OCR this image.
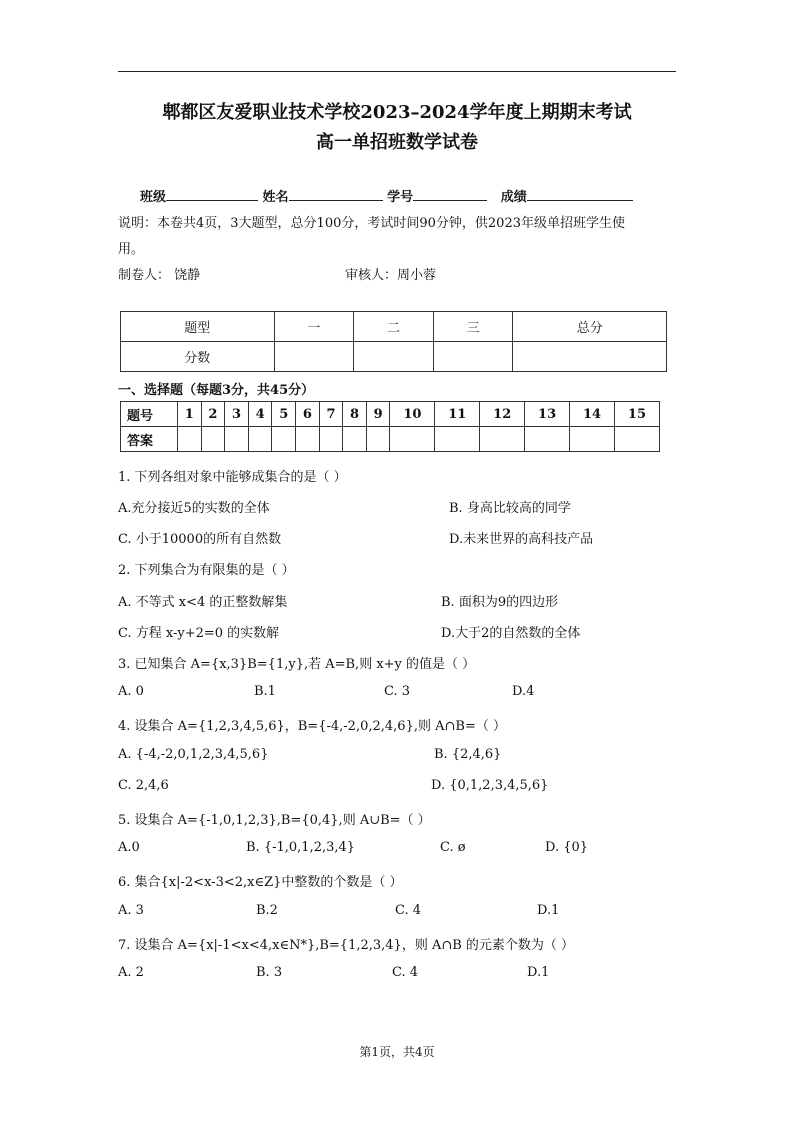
郫都区友爱职业技术学校2023–2024学年度上期期末考试
高一单招班数学试卷
班级	姓名	学号	成绩
说明：本卷共4页，3大题型，总分100分，考试时间90分钟，供2023年级单招班学生使
用。
制卷人： 饶静	审核人：周小蓉
题型	一	二	三	总分
分数				
一、选择题（每题3分，共45分）
题号	1	2	3	4	5	6	7	8	9	10	11	12	13	14	15
答案															
1. 下列各组对象中能够成集合的是（ ）
A.充分接近5的实数的全体	B. 身高比较高的同学
C. 小于10000的所有自然数	D.未来世界的高科技产品
2. 下列集合为有限集的是（ ）
A. 不等式 x<4 的正整数解集	B. 面积为9的四边形
C. 方程 x-y+2=0 的实数解	D.大于2的自然数的全体
3. 已知集合 A={x,3}B={1,y},若 A=B,则 x+y 的值是（ ）
A. 0	B.1	C. 3	D.4
4. 设集合 A={1,2,3,4,5,6}，B={-4,-2,0,2,4,6},则 A∩B=（ ）
A. {-4,-2,0,1,2,3,4,5,6}	B. {2,4,6}
C. 2,4,6	D. {0,1,2,3,4,5,6}
5. 设集合 A={-1,0,1,2,3},B={0,4},则 A∪B=（ ）
A.0	B. {-1,0,1,2,3,4}	C. ø	D. {0}
6. 集合{x|-2<x-3<2,x∈Z}中整数的个数是（ ）
A. 3	B.2	C. 4	D.1
7. 设集合 A={x|-1<x<4,x∈N*},B={1,2,3,4}，则 A∩B 的元素个数为（ ）
A. 2	B. 3	C. 4	D.1
第1页，共4页
